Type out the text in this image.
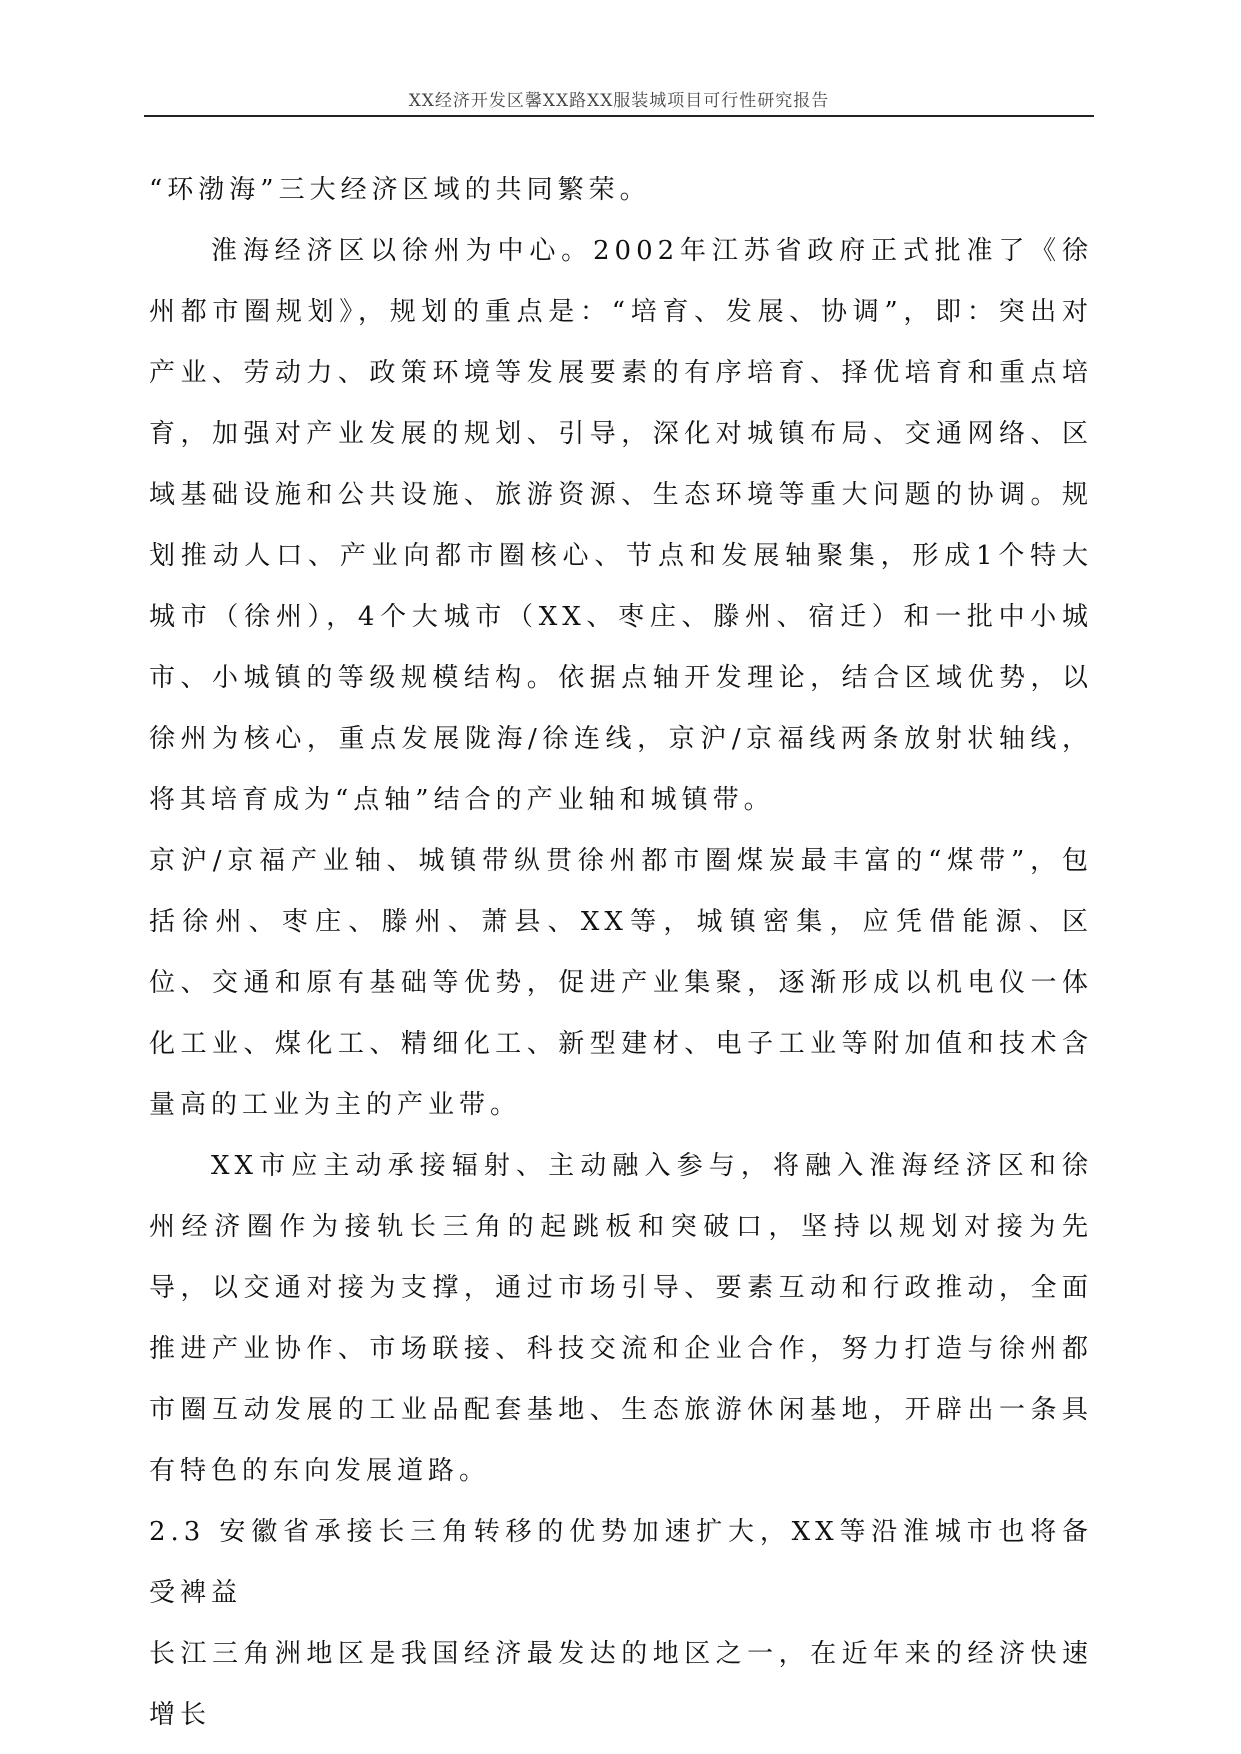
XX经济开发区馨XX路XX服装城项目可行性研究报告

“环渤海”三大经济区域的共同繁荣。

淮海经济区以徐州为中心。2002年江苏省政府正式批准了《徐州都市圈规划》，规划的重点是：“培育、发展、协调”，即：突出对产业、劳动力、政策环境等发展要素的有序培育、择优培育和重点培育，加强对产业发展的规划、引导，深化对城镇布局、交通网络、区域基础设施和公共设施、旅游资源、生态环境等重大问题的协调。规划推动人口、产业向都市圈核心、节点和发展轴聚集，形成1个特大城市（徐州），4个大城市（XX、枣庄、滕州、宿迁）和一批中小城市、小城镇的等级规模结构。依据点轴开发理论，结合区域优势，以徐州为核心，重点发展陇海/徐连线，京沪/京福线两条放射状轴线，将其培育成为“点轴”结合的产业轴和城镇带。

京沪/京福产业轴、城镇带纵贯徐州都市圈煤炭最丰富的“煤带”，包括徐州、枣庄、滕州、萧县、XX等，城镇密集，应凭借能源、区位、交通和原有基础等优势，促进产业集聚，逐渐形成以机电仪一体化工业、煤化工、精细化工、新型建材、电子工业等附加值和技术含量高的工业为主的产业带。

XX市应主动承接辐射、主动融入参与，将融入淮海经济区和徐州经济圈作为接轨长三角的起跳板和突破口，坚持以规划对接为先导，以交通对接为支撑，通过市场引导、要素互动和行政推动，全面推进产业协作、市场联接、科技交流和企业合作，努力打造与徐州都市圈互动发展的工业品配套基地、生态旅游休闲基地，开辟出一条具有特色的东向发展道路。

2.3 安徽省承接长三角转移的优势加速扩大，XX等沿淮城市也将备受裨益

长江三角洲地区是我国经济最发达的地区之一，在近年来的经济快速增长
